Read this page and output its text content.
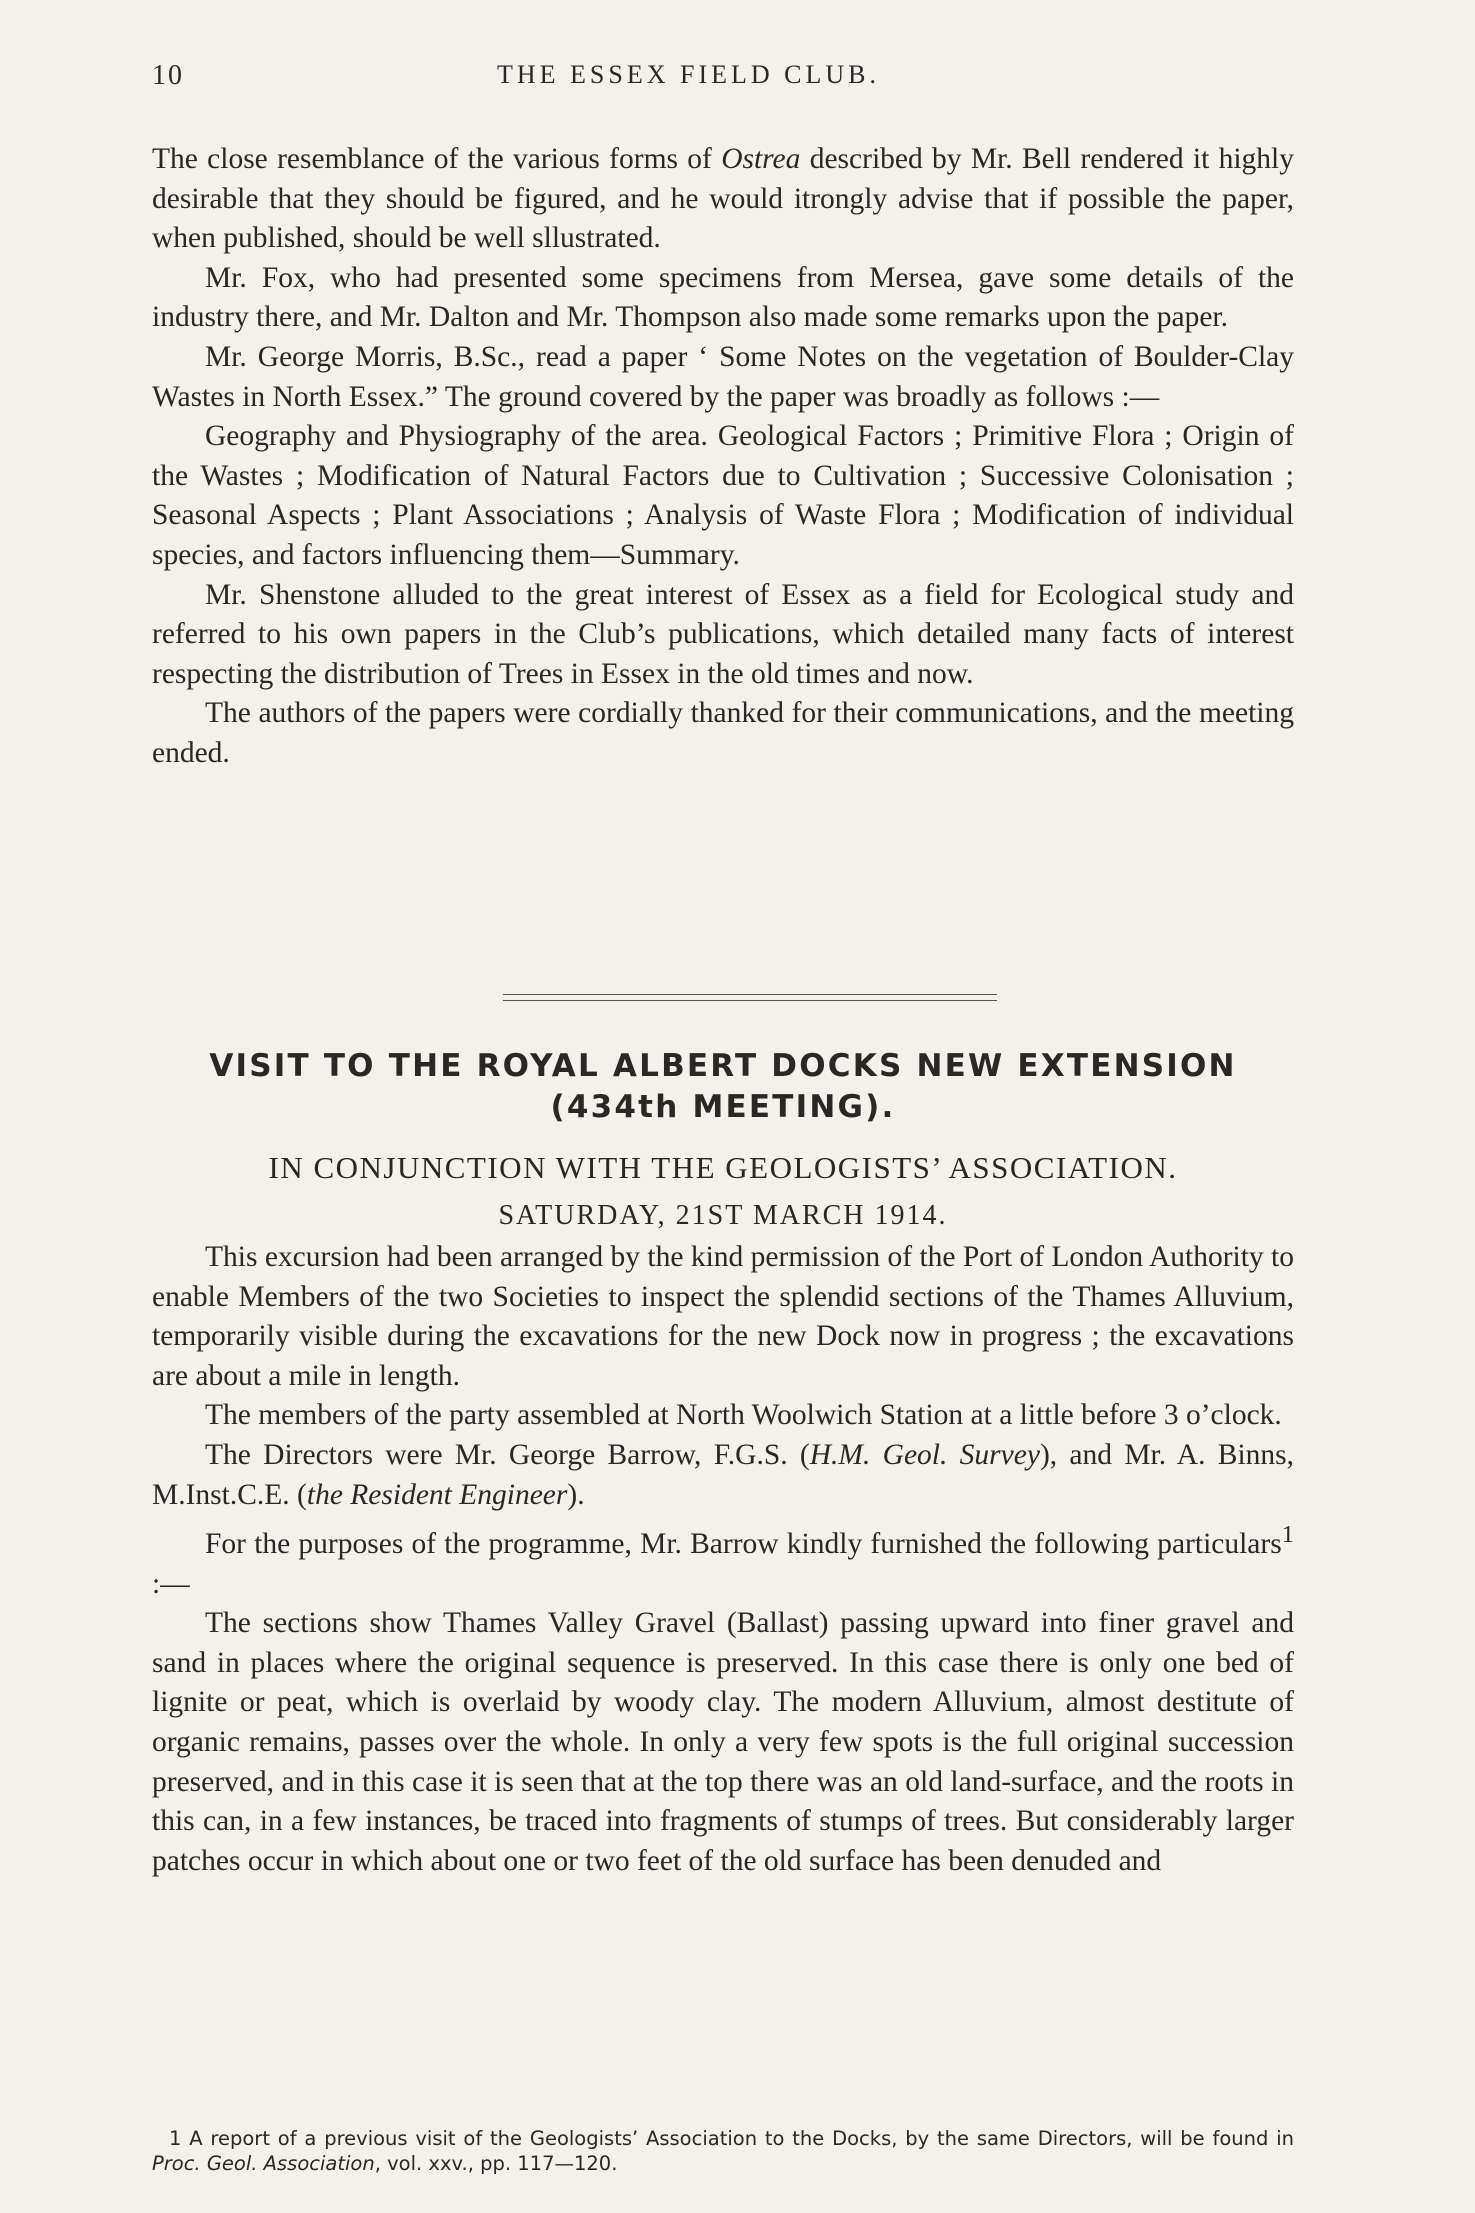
10	THE ESSEX FIELD CLUB.

The close resemblance of the various forms of Ostrea described by Mr. Bell rendered it highly desirable that they should be figured, and he would itrongly advise that if possible the paper, when published, should be well sllustrated.

Mr. Fox, who had presented some specimens from Mersea, gave some details of the industry there, and Mr. Dalton and Mr. Thompson also made some remarks upon the paper.

Mr. George Morris, B.Sc., read a paper ‘ Some Notes on the vegetation of Boulder-Clay Wastes in North Essex.” The ground covered by the paper was broadly as follows :—

Geography and Physiography of the area. Geological Factors ; Primitive Flora ; Origin of the Wastes ; Modification of Natural Factors due to Cultivation ; Successive Colonisation ; Seasonal Aspects ; Plant Associations ; Analysis of Waste Flora ; Modification of individual species, and factors influencing them—Summary.

Mr. Shenstone alluded to the great interest of Essex as a field for Ecological study and referred to his own papers in the Club’s publications, which detailed many facts of interest respecting the distribution of Trees in Essex in the old times and now.

The authors of the papers were cordially thanked for their communications, and the meeting ended.

VISIT TO THE ROYAL ALBERT DOCKS NEW EXTENSION
(434th MEETING).
IN CONJUNCTION WITH THE GEOLOGISTS’ ASSOCIATION.
SATURDAY, 21ST MARCH 1914.

This excursion had been arranged by the kind permission of the Port of London Authority to enable Members of the two Societies to inspect the splendid sections of the Thames Alluvium, temporarily visible during the excavations for the new Dock now in progress ; the excavations are about a mile in length.

The members of the party assembled at North Woolwich Station at a little before 3 o’clock.

The Directors were Mr. George Barrow, F.G.S. (H.M. Geol. Survey), and Mr. A. Binns, M.Inst.C.E. (the Resident Engineer).

For the purposes of the programme, Mr. Barrow kindly furnished the following particulars$^1$ :—

The sections show Thames Valley Gravel (Ballast) passing upward into finer gravel and sand in places where the original sequence is preserved. In this case there is only one bed of lignite or peat, which is overlaid by woody clay. The modern Alluvium, almost destitute of organic remains, passes over the whole. In only a very few spots is the full original succession preserved, and in this case it is seen that at the top there was an old land-surface, and the roots in this can, in a few instances, be traced into fragments of stumps of trees. But considerably larger patches occur in which about one or two feet of the old surface has been denuded and

1 A report of a previous visit of the Geologists’ Association to the Docks, by the same Directors, will be found in Proc. Geol. Association, vol. xxv., pp. 117—120.
